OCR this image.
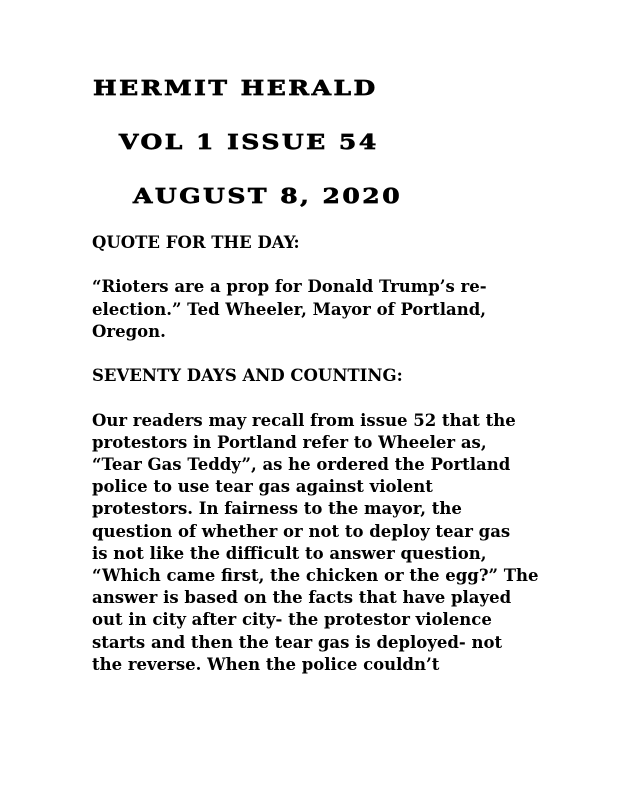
HERMIT HERALD
VOL 1 ISSUE 54
AUGUST 8, 2020

QUOTE FOR THE DAY:

“Rioters are a prop for Donald Trump’s re-
election.” Ted Wheeler, Mayor of Portland,
Oregon.

SEVENTY DAYS AND COUNTING:

Our readers may recall from issue 52 that the
protestors in Portland refer to Wheeler as,
“Tear Gas Teddy”, as he ordered the Portland
police to use tear gas against violent
protestors. In fairness to the mayor, the
question of whether or not to deploy tear gas
is not like the difficult to answer question,
“Which came first, the chicken or the egg?” The
answer is based on the facts that have played
out in city after city- the protestor violence
starts and then the tear gas is deployed- not
the reverse. When the police couldn’t
